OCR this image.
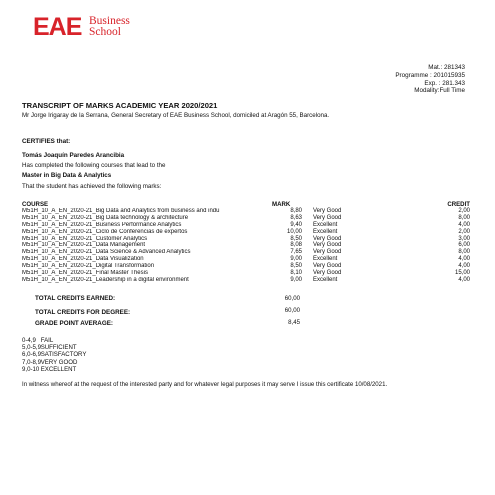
EAE Business
School
Mat.: 281343
Programme : 201015935
Exp. : 281.343
Modality:Full Time
TRANSCRIPT OF MARKS ACADEMIC YEAR 2020/2021
Mr Jorge Irigaray de la Serrana, General Secretary of EAE Business School, domiciled at Aragón 55, Barcelona.
CERTIFIES that:
Tomás Joaquín Paredes Arancibia
Has completed the following courses that lead to the
Master in Big Data & Analytics
That the student has achieved the following marks:
COURSE	MARK	CREDIT
M51H_10_A_EN_2020-21_Big Data and Analytics from business and indu	8,80 Very Good	2,00
M51H_10_A_EN_2020-21_Big Data technology & architecture	8,63 Very Good	8,00
M51H_10_A_EN_2020-21_Business Performance Analytics	9,40 Excellent	4,00
M51H_10_A_EN_2020-21_Ciclo de Conferencias de expertos	10,00 Excellent	2,00
M51H_10_A_EN_2020-21_Customer Analytics	8,50 Very Good	3,00
M51H_10_A_EN_2020-21_Data Management	8,08 Very Good	6,00
M51H_10_A_EN_2020-21_Data Science & Advanced Analytics	7,65 Very Good	8,00
M51H_10_A_EN_2020-21_Data Visualization	9,00 Excellent	4,00
M51H_10_A_EN_2020-21_Digital Transformation	8,50 Very Good	4,00
M51H_10_A_EN_2020-21_Final Master Thesis	8,10 Very Good	15,00
M51H_10_A_EN_2020-21_Leadership in a digital environment	9,00 Excellent	4,00
TOTAL CREDITS EARNED:	60,00
TOTAL CREDITS FOR DEGREE:	60,00
GRADE POINT AVERAGE:	8,45
0-4,9 FAIL
5,0-5,9 SUFFICIENT
6,0-6,9 SATISFACTORY
7,0-8,9 VERY GOOD
9,0-10 EXCELLENT
In witness whereof at the request of the interested party and for whatever legal purposes it may serve I issue this certificate 10/08/2021.
